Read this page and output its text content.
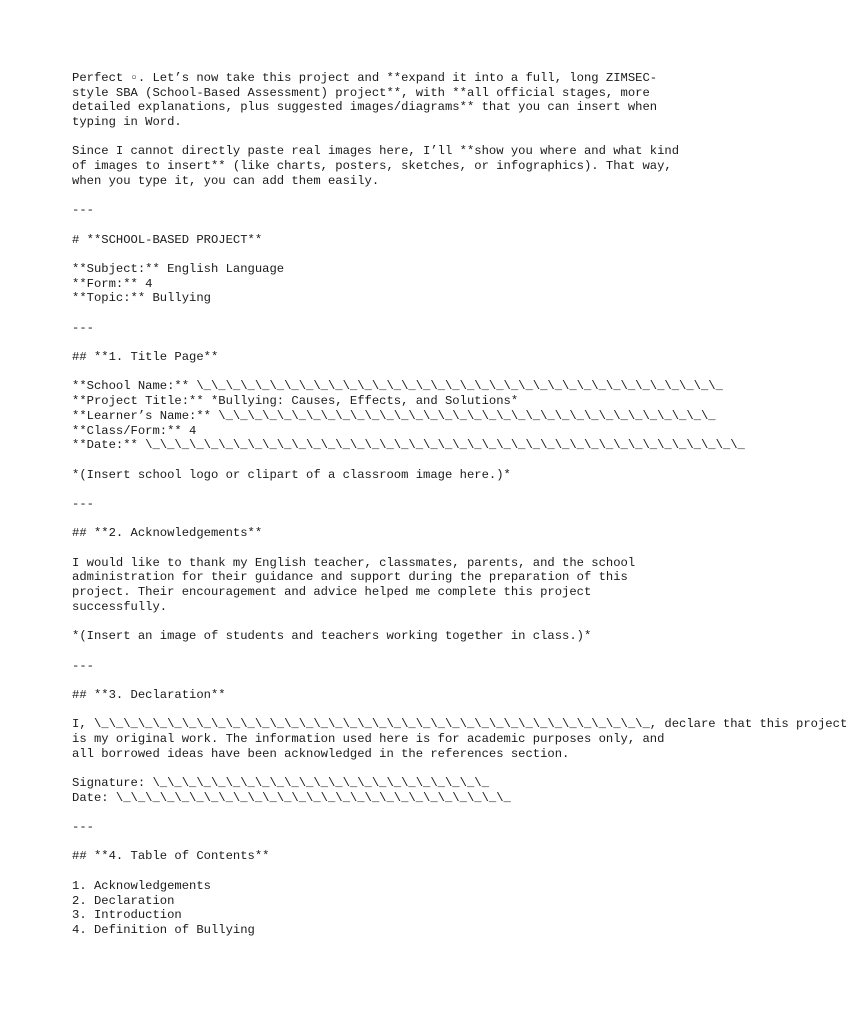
Perfect ▫. Let’s now take this project and **expand it into a full, long ZIMSEC-
style SBA (School-Based Assessment) project**, with **all official stages, more
detailed explanations, plus suggested images/diagrams** that you can insert when
typing in Word.
Since I cannot directly paste real images here, I’ll **show you where and what kind
of images to insert** (like charts, posters, sketches, or infographics). That way,
when you type it, you can add them easily.
---
# **SCHOOL-BASED PROJECT**
**Subject:** English Language
**Form:** 4
**Topic:** Bullying
---
## **1. Title Page**
**School Name:** \_\_\_\_\_\_\_\_\_\_\_\_\_\_\_\_\_\_\_\_\_\_\_\_\_\_\_\_\_\_\_\_\_\_\_\_
**Project Title:** *Bullying: Causes, Effects, and Solutions*
**Learner’s Name:** \_\_\_\_\_\_\_\_\_\_\_\_\_\_\_\_\_\_\_\_\_\_\_\_\_\_\_\_\_\_\_\_\_\_
**Class/Form:** 4
**Date:** \_\_\_\_\_\_\_\_\_\_\_\_\_\_\_\_\_\_\_\_\_\_\_\_\_\_\_\_\_\_\_\_\_\_\_\_\_\_\_\_\_
*(Insert school logo or clipart of a classroom image here.)*
---
## **2. Acknowledgements**
I would like to thank my English teacher, classmates, parents, and the school
administration for their guidance and support during the preparation of this
project. Their encouragement and advice helped me complete this project
successfully.
*(Insert an image of students and teachers working together in class.)*
---
## **3. Declaration**
I, \_\_\_\_\_\_\_\_\_\_\_\_\_\_\_\_\_\_\_\_\_\_\_\_\_\_\_\_\_\_\_\_\_\_\_\_\_\_, declare that this project
is my original work. The information used here is for academic purposes only, and
all borrowed ideas have been acknowledged in the references section.
Signature: \_\_\_\_\_\_\_\_\_\_\_\_\_\_\_\_\_\_\_\_\_\_\_
Date: \_\_\_\_\_\_\_\_\_\_\_\_\_\_\_\_\_\_\_\_\_\_\_\_\_\_\_
---
## **4. Table of Contents**
1. Acknowledgements
2. Declaration
3. Introduction
4. Definition of Bullying
